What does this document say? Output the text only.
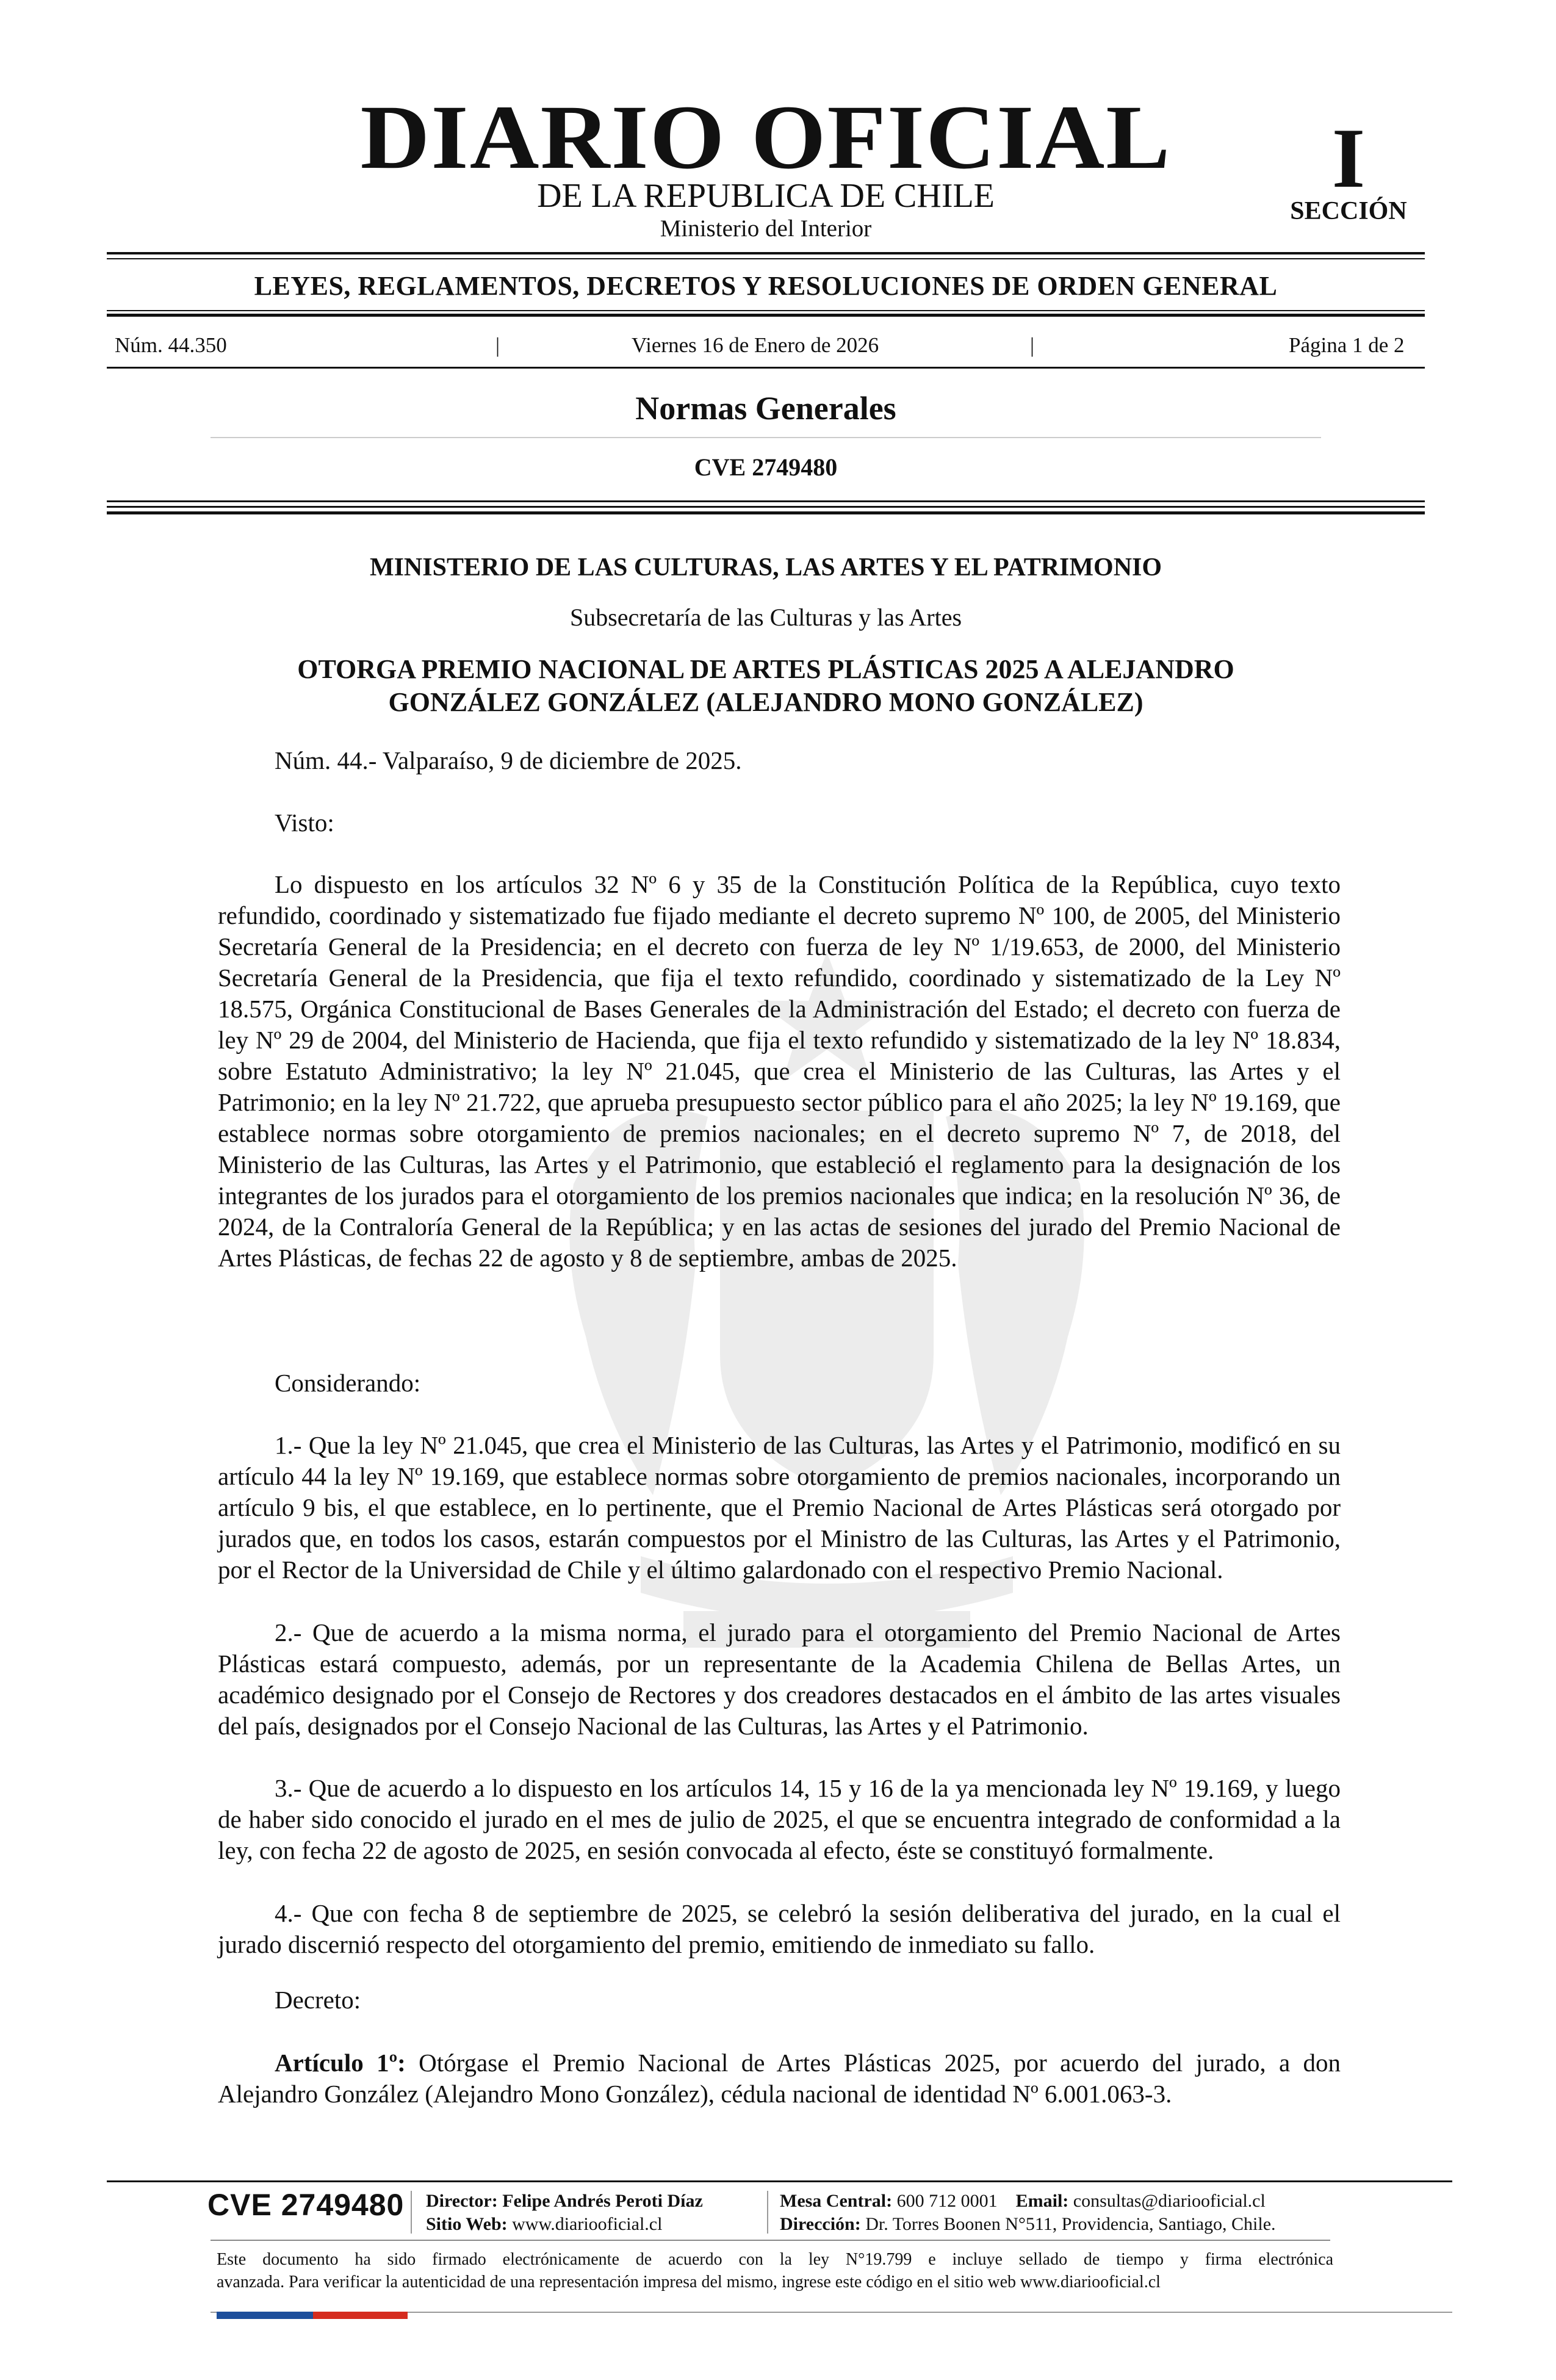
DIARIO OFICIAL
DE LA REPUBLICA DE CHILE
Ministerio del Interior
I
SECCIÓN
LEYES, REGLAMENTOS, DECRETOS Y RESOLUCIONES DE ORDEN GENERAL
Núm. 44.350	|	Viernes 16 de Enero de 2026	|	Página 1 de 2
Normas Generales
CVE 2749480
MINISTERIO DE LAS CULTURAS, LAS ARTES Y EL PATRIMONIO
Subsecretaría de las Culturas y las Artes
OTORGA PREMIO NACIONAL DE ARTES PLÁSTICAS 2025 A ALEJANDRO
GONZÁLEZ GONZÁLEZ (ALEJANDRO MONO GONZÁLEZ)

Núm. 44.- Valparaíso, 9 de diciembre de 2025.

Visto:

Lo dispuesto en los artículos 32 Nº 6 y 35 de la Constitución Política de la República, cuyo texto refundido, coordinado y sistematizado fue fijado mediante el decreto supremo Nº 100, de 2005, del Ministerio Secretaría General de la Presidencia; en el decreto con fuerza de ley Nº 1/19.653, de 2000, del Ministerio Secretaría General de la Presidencia, que fija el texto refundido, coordinado y sistematizado de la Ley Nº 18.575, Orgánica Constitucional de Bases Generales de la Administración del Estado; el decreto con fuerza de ley Nº 29 de 2004, del Ministerio de Hacienda, que fija el texto refundido y sistematizado de la ley Nº 18.834, sobre Estatuto Administrativo; la ley Nº 21.045, que crea el Ministerio de las Culturas, las Artes y el Patrimonio; en la ley Nº 21.722, que aprueba presupuesto sector público para el año 2025; la ley Nº 19.169, que establece normas sobre otorgamiento de premios nacionales; en el decreto supremo Nº 7, de 2018, del Ministerio de las Culturas, las Artes y el Patrimonio, que estableció el reglamento para la designación de los integrantes de los jurados para el otorgamiento de los premios nacionales que indica; en la resolución Nº 36, de 2024, de la Contraloría General de la República; y en las actas de sesiones del jurado del Premio Nacional de Artes Plásticas, de fechas 22 de agosto y 8 de septiembre, ambas de 2025.

Considerando:

1.- Que la ley Nº 21.045, que crea el Ministerio de las Culturas, las Artes y el Patrimonio, modificó en su artículo 44 la ley Nº 19.169, que establece normas sobre otorgamiento de premios nacionales, incorporando un artículo 9 bis, el que establece, en lo pertinente, que el Premio Nacional de Artes Plásticas será otorgado por jurados que, en todos los casos, estarán compuestos por el Ministro de las Culturas, las Artes y el Patrimonio, por el Rector de la Universidad de Chile y el último galardonado con el respectivo Premio Nacional.

2.- Que de acuerdo a la misma norma, el jurado para el otorgamiento del Premio Nacional de Artes Plásticas estará compuesto, además, por un representante de la Academia Chilena de Bellas Artes, un académico designado por el Consejo de Rectores y dos creadores destacados en el ámbito de las artes visuales del país, designados por el Consejo Nacional de las Culturas, las Artes y el Patrimonio.

3.- Que de acuerdo a lo dispuesto en los artículos 14, 15 y 16 de la ya mencionada ley Nº 19.169, y luego de haber sido conocido el jurado en el mes de julio de 2025, el que se encuentra integrado de conformidad a la ley, con fecha 22 de agosto de 2025, en sesión convocada al efecto, éste se constituyó formalmente.

4.- Que con fecha 8 de septiembre de 2025, se celebró la sesión deliberativa del jurado, en la cual el jurado discernió respecto del otorgamiento del premio, emitiendo de inmediato su fallo.

Decreto:

Artículo 1º: Otórgase el Premio Nacional de Artes Plásticas 2025, por acuerdo del jurado, a don Alejandro González (Alejandro Mono González), cédula nacional de identidad Nº 6.001.063-3.

CVE 2749480 Director: Felipe Andrés Peroti Díaz
Sitio Web: www.diariooficial.cl
Mesa Central: 600 712 0001 Email: consultas@diariooficial.cl
Dirección: Dr. Torres Boonen N°511, Providencia, Santiago, Chile.
Este documento ha sido firmado electrónicamente de acuerdo con la ley N°19.799 e incluye sellado de tiempo y firma electrónica
avanzada. Para verificar la autenticidad de una representación impresa del mismo, ingrese este código en el sitio web www.diariooficial.cl
